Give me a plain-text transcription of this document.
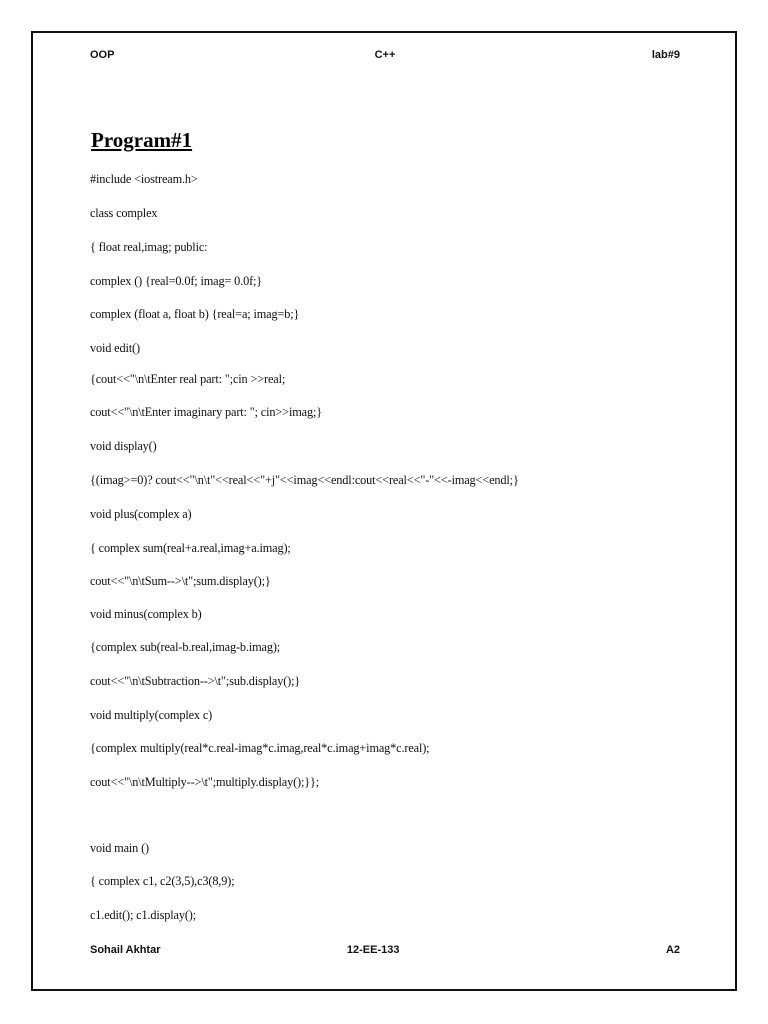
OOP	C++	lab#9
Program#1
#include <iostream.h>
class complex
{ float real,imag; public:
complex () {real=0.0f; imag= 0.0f;}
complex (float a, float b) {real=a; imag=b;}
void edit()
{cout<<"\n\tEnter real part: ";cin >>real;
cout<<"\n\tEnter imaginary part: "; cin>>imag;}
void display()
{(imag>=0)? cout<<"\n\t"<<real<<"+j"<<imag<<endl:cout<<real<<"-"<<-imag<<endl;}
void plus(complex a)
{ complex sum(real+a.real,imag+a.imag);
cout<<"\n\tSum-->\t";sum.display();}
void minus(complex b)
{complex sub(real-b.real,imag-b.imag);
cout<<"\n\tSubtraction-->\t";sub.display();}
void multiply(complex c)
{complex multiply(real*c.real-imag*c.imag,real*c.imag+imag*c.real);
cout<<"\n\tMultiply-->\t";multiply.display();}};
void main ()
{ complex c1, c2(3,5),c3(8,9);
c1.edit(); c1.display();
Sohail Akhtar	12-EE-133	A2
